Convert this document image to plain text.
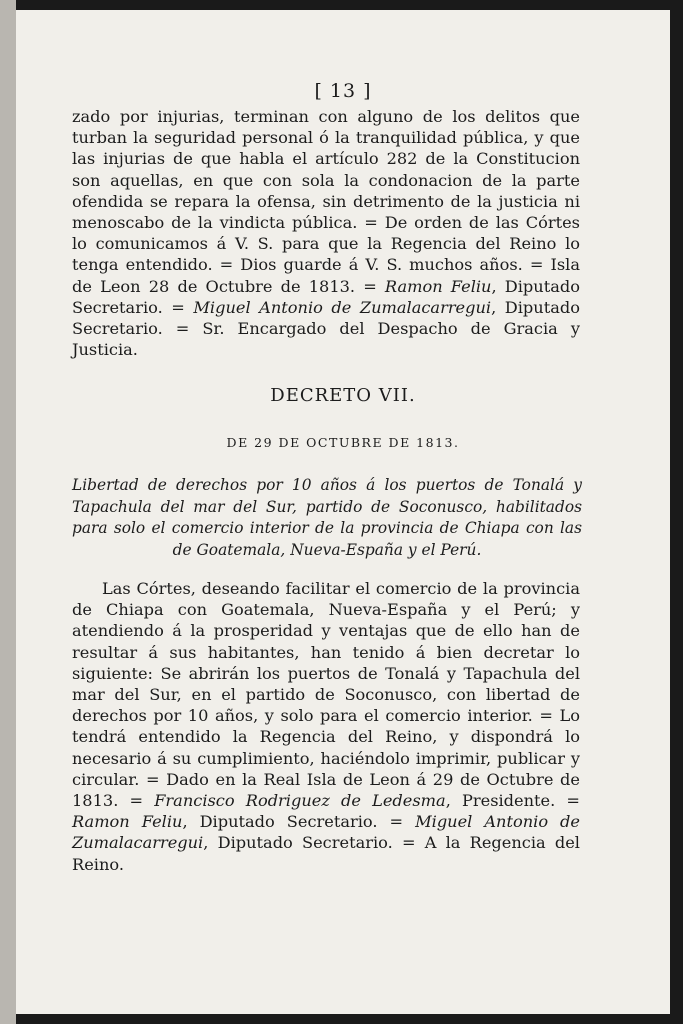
[ 13 ]

zado por injurias, terminan con alguno de los delitos que turban la seguridad personal ó la tranquilidad pública, y que las injurias de que habla el artículo 282 de la Constitucion son aquellas, en que con sola la condonacion de la parte ofendida se repara la ofensa, sin detrimento de la justicia ni menoscabo de la vindicta pública. = De orden de las Córtes lo comunicamos á V. S. para que la Regencia del Reino lo tenga entendido. = Dios guarde á V. S. muchos años. = Isla de Leon 28 de Octubre de 1813. = Ramon Feliu, Diputado Secretario. = Miguel Antonio de Zumalacarregui, Diputado Secretario. = Sr. Encargado del Despacho de Gracia y Justicia.

DECRETO VII.
DE 29 DE OCTUBRE DE 1813.

Libertad de derechos por 10 años á los puertos de Tonalá y Tapachula del mar del Sur, partido de Soconusco, habilitados para solo el comercio interior de la provincia de Chiapa con las de Goatemala, Nueva-España y el Perú.

Las Córtes, deseando facilitar el comercio de la provincia de Chiapa con Goatemala, Nueva-España y el Perú; y atendiendo á la prosperidad y ventajas que de ello han de resultar á sus habitantes, han tenido á bien decretar lo siguiente: Se abrirán los puertos de Tonalá y Tapachula del mar del Sur, en el partido de Soconusco, con libertad de derechos por 10 años, y solo para el comercio interior. = Lo tendrá entendido la Regencia del Reino, y dispondrá lo necesario á su cumplimiento, haciéndolo imprimir, publicar y circular. = Dado en la Real Isla de Leon á 29 de Octubre de 1813. = Francisco Rodriguez de Ledesma, Presidente. = Ramon Feliu, Diputado Secretario. = Miguel Antonio de Zumalacarregui, Diputado Secretario. = A la Regencia del Reino.
